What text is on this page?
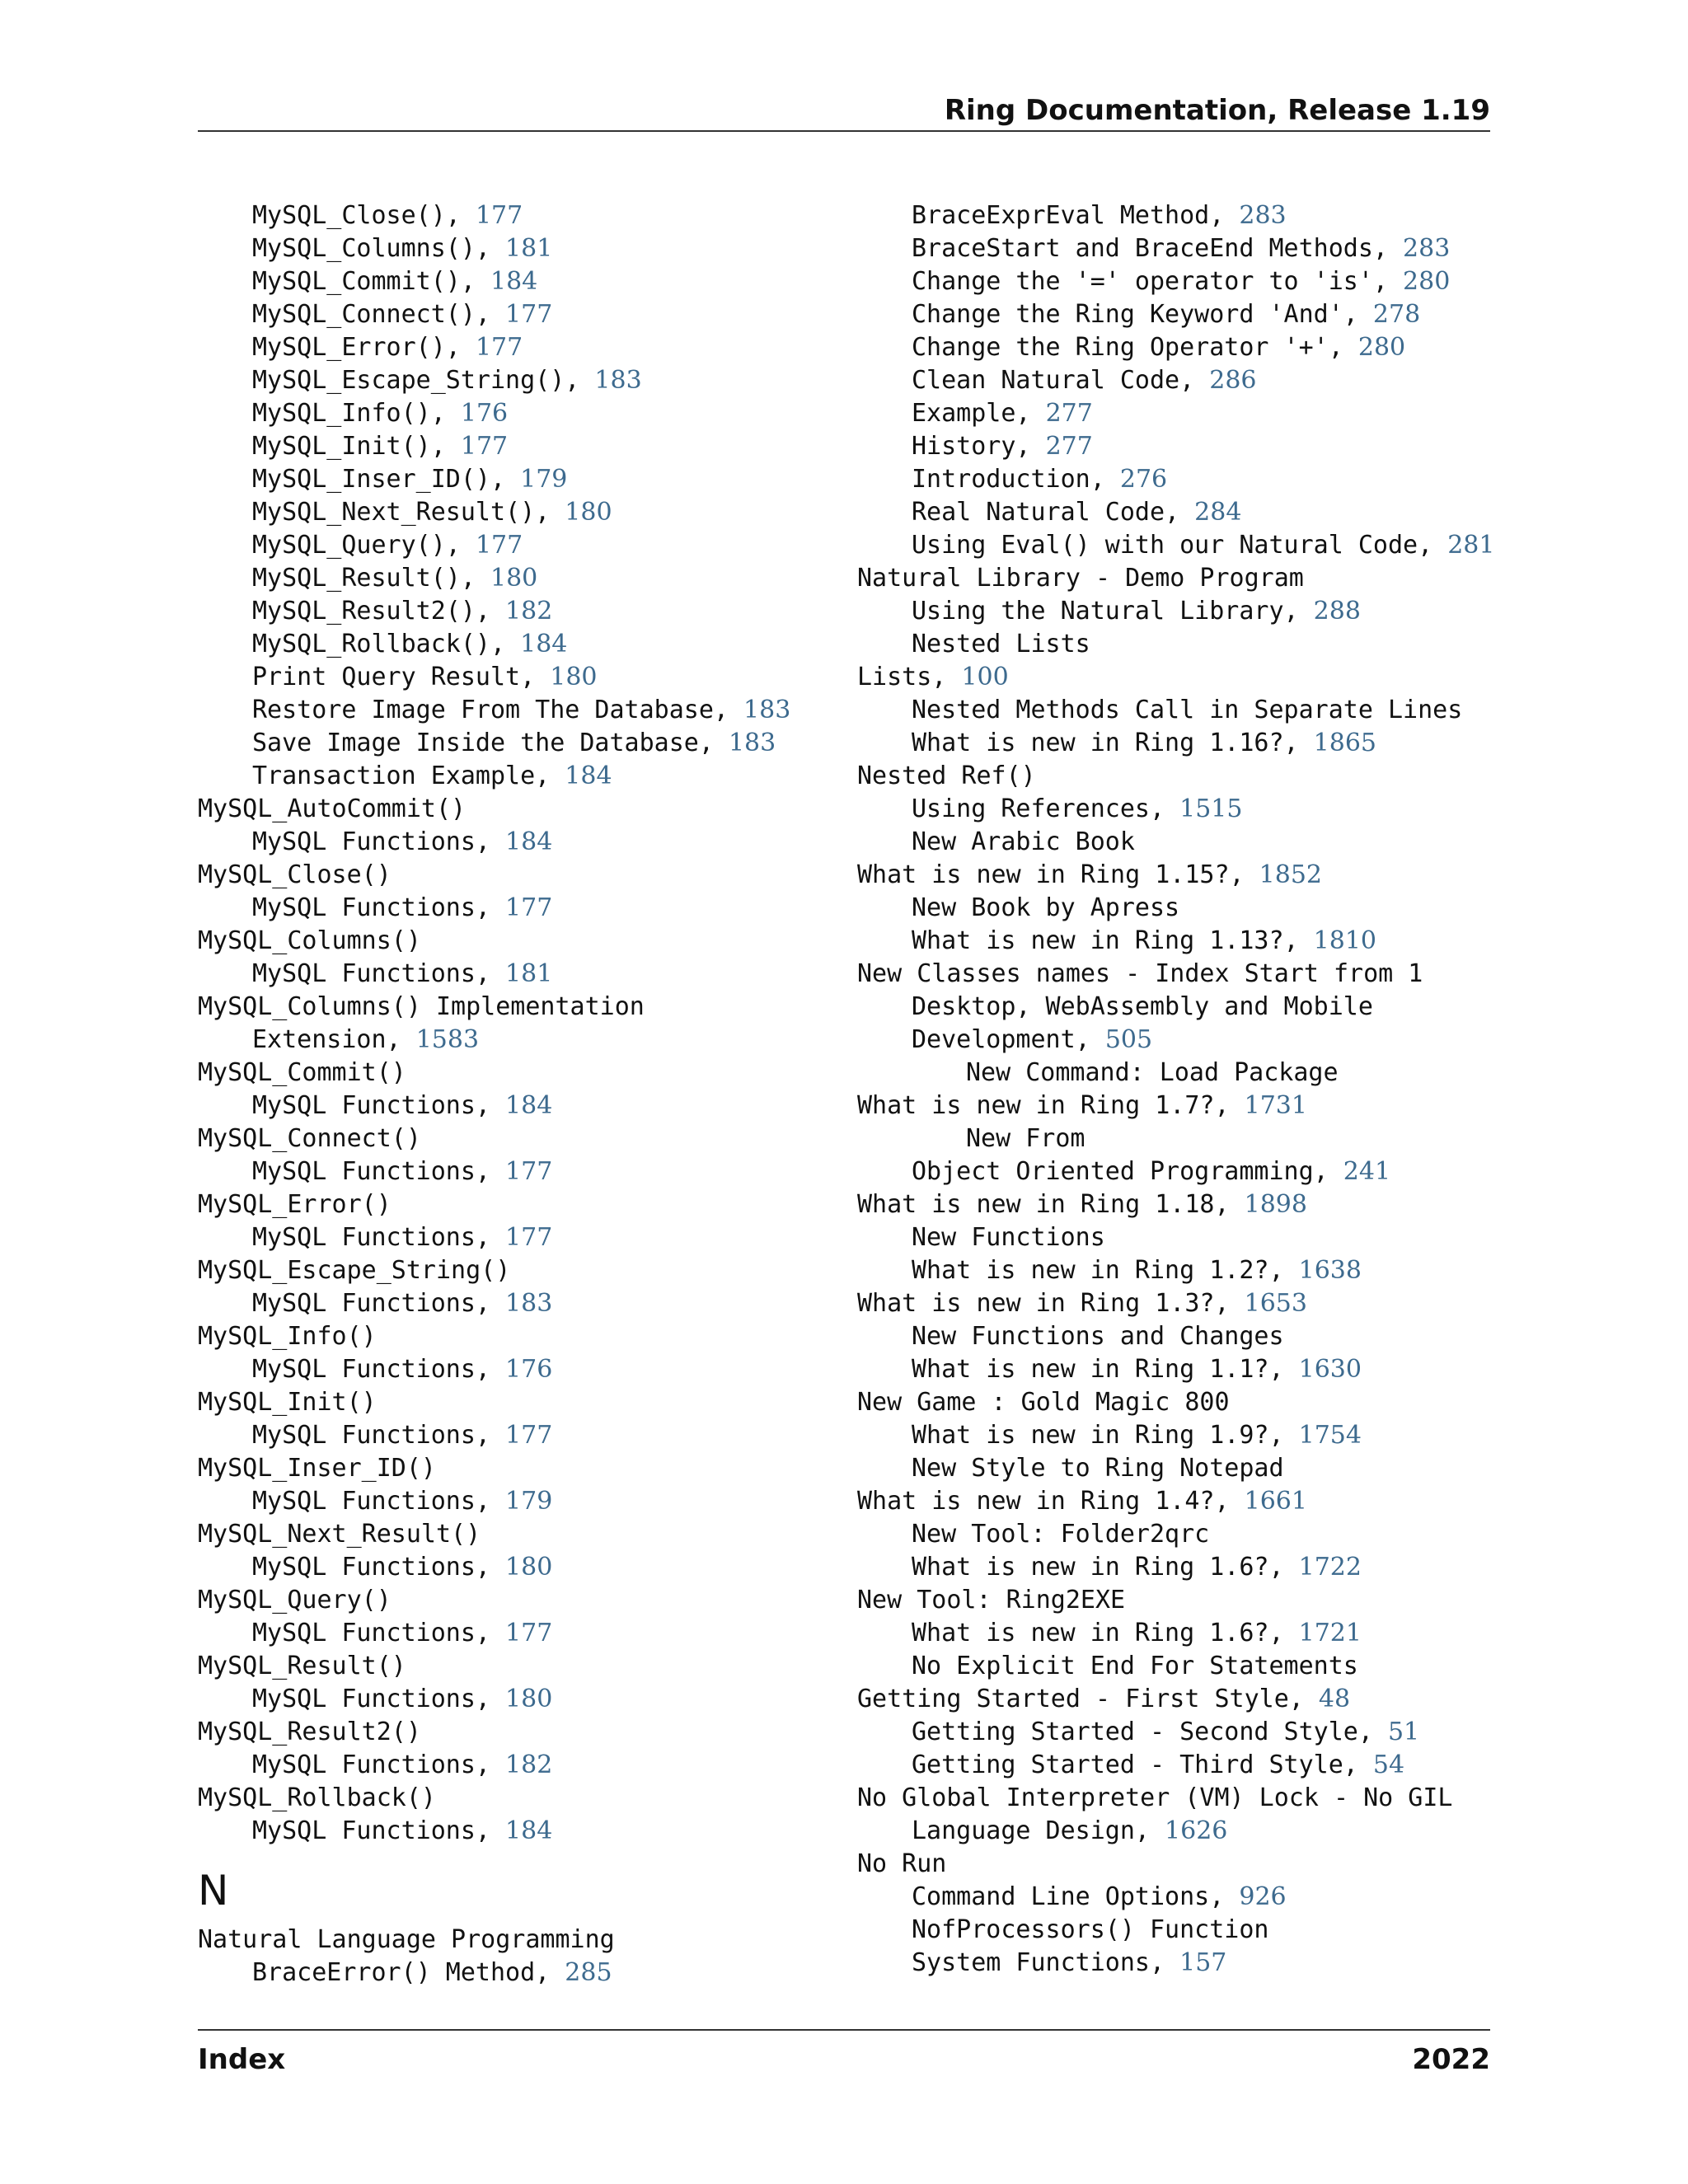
Ring Documentation, Release 1.19
MySQL_Close(), 177
MySQL_Columns(), 181
MySQL_Commit(), 184
MySQL_Connect(), 177
MySQL_Error(), 177
MySQL_Escape_String(), 183
MySQL_Info(), 176
MySQL_Init(), 177
MySQL_Inser_ID(), 179
MySQL_Next_Result(), 180
MySQL_Query(), 177
MySQL_Result(), 180
MySQL_Result2(), 182
MySQL_Rollback(), 184
Print Query Result, 180
Restore Image From The Database, 183
Save Image Inside the Database, 183
Transaction Example, 184
MySQL_AutoCommit()
MySQL Functions, 184
MySQL_Close()
MySQL Functions, 177
MySQL_Columns()
MySQL Functions, 181
MySQL_Columns() Implementation
Extension, 1583
MySQL_Commit()
MySQL Functions, 184
MySQL_Connect()
MySQL Functions, 177
MySQL_Error()
MySQL Functions, 177
MySQL_Escape_String()
MySQL Functions, 183
MySQL_Info()
MySQL Functions, 176
MySQL_Init()
MySQL Functions, 177
MySQL_Inser_ID()
MySQL Functions, 179
MySQL_Next_Result()
MySQL Functions, 180
MySQL_Query()
MySQL Functions, 177
MySQL_Result()
MySQL Functions, 180
MySQL_Result2()
MySQL Functions, 182
MySQL_Rollback()
MySQL Functions, 184
N
Natural Language Programming
BraceError() Method, 285
BraceExprEval Method, 283
BraceStart and BraceEnd Methods, 283
Change the '=' operator to 'is', 280
Change the Ring Keyword 'And', 278
Change the Ring Operator '+', 280
Clean Natural Code, 286
Example, 277
History, 277
Introduction, 276
Real Natural Code, 284
Using Eval() with our Natural Code, 281
Natural Library - Demo Program
Using the Natural Library, 288
Nested Lists
Lists, 100
Nested Methods Call in Separate Lines
What is new in Ring 1.16?, 1865
Nested Ref()
Using References, 1515
New Arabic Book
What is new in Ring 1.15?, 1852
New Book by Apress
What is new in Ring 1.13?, 1810
New Classes names - Index Start from 1
Desktop, WebAssembly and Mobile
Development, 505
New Command: Load Package
What is new in Ring 1.7?, 1731
New From
Object Oriented Programming, 241
What is new in Ring 1.18, 1898
New Functions
What is new in Ring 1.2?, 1638
What is new in Ring 1.3?, 1653
New Functions and Changes
What is new in Ring 1.1?, 1630
New Game : Gold Magic 800
What is new in Ring 1.9?, 1754
New Style to Ring Notepad
What is new in Ring 1.4?, 1661
New Tool: Folder2qrc
What is new in Ring 1.6?, 1722
New Tool: Ring2EXE
What is new in Ring 1.6?, 1721
No Explicit End For Statements
Getting Started - First Style, 48
Getting Started - Second Style, 51
Getting Started - Third Style, 54
No Global Interpreter (VM) Lock - No GIL
Language Design, 1626
No Run
Command Line Options, 926
NofProcessors() Function
System Functions, 157
Index	2022
